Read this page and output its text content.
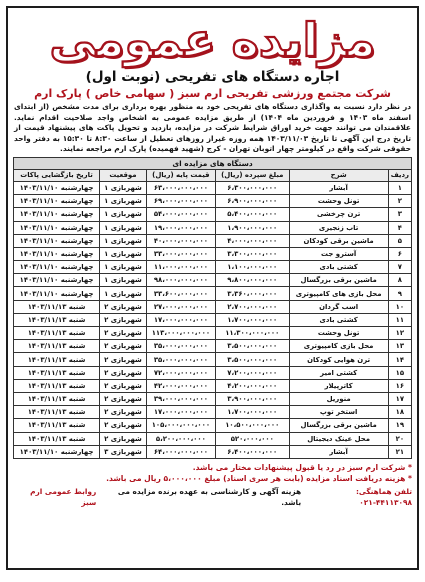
مزایده عمومی
اجاره دستگاه های تفریحی (نوبت اول)
شرکت مجتمع ورزشی تفریحی ارم سبز ( سهامی خاص ) پارک ارم
در نظر دارد نسبت به واگذاری دستگاه های تفریحی خود به منظور بهره برداری برای مدت مشخص (از ابتدای اسفند ماه ۱۴۰۳ و فروردین ماه ۱۴۰۴) از طریق مزایده عمومی به اشخاص واجد صلاحیت اقدام نماید. علاقمندان می توانند جهت خرید اوراق شرایط شرکت در مزایده، بازدید و تحویل پاکت های پیشنهاد قیمت از تاریخ درج این آگهی تا تاریخ ۱۴۰۳/۱۱/۰۳ همه روزه غیراز روزهای تعطیل از ساعت ۸:۳۰ تا ۱۵:۳۰ به دفتر واحد حقوقی شرکت واقع در کیلومتر چهار اتوبان تهران - کرج (شهید فهمیده) پارک ارم مراجعه نمایند.
دستگاه های مزایده ای					
ردیف	شرح	مبلغ سپرده (ریال)	قیمت پایه (ریال)	موقعیت	تاریخ بازگشایی پاکات
۱	آبشار	۶،۳۰۰،۰۰۰،۰۰۰	۶۳،۰۰۰،۰۰۰،۰۰۰	شهربازی ۱	چهارشنبه ۱۴۰۳/۱۱/۱۰
۲	تونل وحشت	۶،۹۰۰،۰۰۰،۰۰۰	۶۹،۰۰۰،۰۰۰،۰۰۰	شهربازی ۱	چهارشنبه ۱۴۰۳/۱۱/۱۰
۳	ترن چرخشی	۵،۴۰۰،۰۰۰،۰۰۰	۵۴،۰۰۰،۰۰۰،۰۰۰	شهربازی ۱	چهارشنبه ۱۴۰۳/۱۱/۱۰
۴	تاب زنجیری	۱،۹۰۰،۰۰۰،۰۰۰	۱۹،۰۰۰،۰۰۰،۰۰۰	شهربازی ۱	چهارشنبه ۱۴۰۳/۱۱/۱۰
۵	ماشین برقی کودکان	۴،۰۰۰،۰۰۰،۰۰۰	۴۰،۰۰۰،۰۰۰،۰۰۰	شهربازی ۱	چهارشنبه ۱۴۰۳/۱۱/۱۰
۶	آسترو جت	۳،۳۰۰،۰۰۰،۰۰۰	۳۳،۰۰۰،۰۰۰،۰۰۰	شهربازی ۱	چهارشنبه ۱۴۰۳/۱۱/۱۰
۷	کشتی بادی	۱،۱۰۰،۰۰۰،۰۰۰	۱۱،۰۰۰،۰۰۰،۰۰۰	شهربازی ۱	چهارشنبه ۱۴۰۳/۱۱/۱۰
۸	ماشین برقی بزرگسال	۹،۸۰۰،۰۰۰،۰۰۰	۹۸،۰۰۰،۰۰۰،۰۰۰	شهربازی ۱	چهارشنبه ۱۴۰۳/۱۱/۱۰
۹	محل بازی های کامپیوتری	۳،۳۶۰،۰۰۰،۰۰۰	۳۳،۶۰۰،۰۰۰،۰۰۰	شهربازی ۱	چهارشنبه ۱۴۰۳/۱۱/۱۰
۱۰	اسب گردان	۲،۷۰۰،۰۰۰،۰۰۰	۲۷،۰۰۰،۰۰۰،۰۰۰	شهربازی ۲	شنبه ۱۴۰۳/۱۱/۱۳
۱۱	کشتی بادی	۱،۷۰۰،۰۰۰،۰۰۰	۱۷،۰۰۰،۰۰۰،۰۰۰	شهربازی ۲	شنبه ۱۴۰۳/۱۱/۱۳
۱۲	تونل وحشت	۱۱،۳۰۰،۰۰۰،۰۰۰	۱۱۳،۰۰۰،۰۰۰،۰۰۰	شهربازی ۲	شنبه ۱۴۰۳/۱۱/۱۳
۱۳	محل بازی کامپیوتری	۳،۵۰۰،۰۰۰،۰۰۰	۳۵،۰۰۰،۰۰۰،۰۰۰	شهربازی ۲	شنبه ۱۴۰۳/۱۱/۱۳
۱۴	ترن هوایی کودکان	۳،۵۰۰،۰۰۰،۰۰۰	۳۵،۰۰۰،۰۰۰،۰۰۰	شهربازی ۲	شنبه ۱۴۰۳/۱۱/۱۳
۱۵	کشتی امیر	۷،۲۰۰،۰۰۰،۰۰۰	۷۲،۰۰۰،۰۰۰،۰۰۰	شهربازی ۲	شنبه ۱۴۰۳/۱۱/۱۳
۱۶	کاترپیلار	۴،۲۰۰،۰۰۰،۰۰۰	۴۲،۰۰۰،۰۰۰،۰۰۰	شهربازی ۲	شنبه ۱۴۰۳/۱۱/۱۳
۱۷	منوریل	۳،۹۰۰،۰۰۰،۰۰۰	۳۹،۰۰۰،۰۰۰،۰۰۰	شهربازی ۲	شنبه ۱۴۰۳/۱۱/۱۳
۱۸	استخر توپ	۱،۷۰۰،۰۰۰،۰۰۰	۱۷،۰۰۰،۰۰۰،۰۰۰	شهربازی ۲	شنبه ۱۴۰۳/۱۱/۱۳
۱۹	ماشین برقی بزرگسال	۱۰،۵۰۰،۰۰۰،۰۰۰	۱۰۵،۰۰۰،۰۰۰،۰۰۰	شهربازی ۲	شنبه ۱۴۰۳/۱۱/۱۳
۲۰	محل عینک دیجیتال	۵۲۰،۰۰۰،۰۰۰	۵،۲۰۰،۰۰۰،۰۰۰	شهربازی ۲	شنبه ۱۴۰۳/۱۱/۱۳
۲۱	آبشار	۶،۴۰۰،۰۰۰،۰۰۰	۶۴،۰۰۰،۰۰۰،۰۰۰	شهربازی ۳	چهارشنبه ۱۴۰۳/۱۱/۱۰
* شرکت ارم سبز در رد یا قبول پیشنهادات مختار می باشد.
* هزینه دریافت اسناد مزایده (بابت هر سری اسناد) مبلغ ۵،۰۰۰،۰۰۰ ریال می باشد.
تلفن هماهنگی: ۴۴۱۱۳۰۹۸-۰۲۱
هزینه آگهی و کارشناسی به عهده برنده مزایده می باشد.
روابط عمومی ارم سبز
